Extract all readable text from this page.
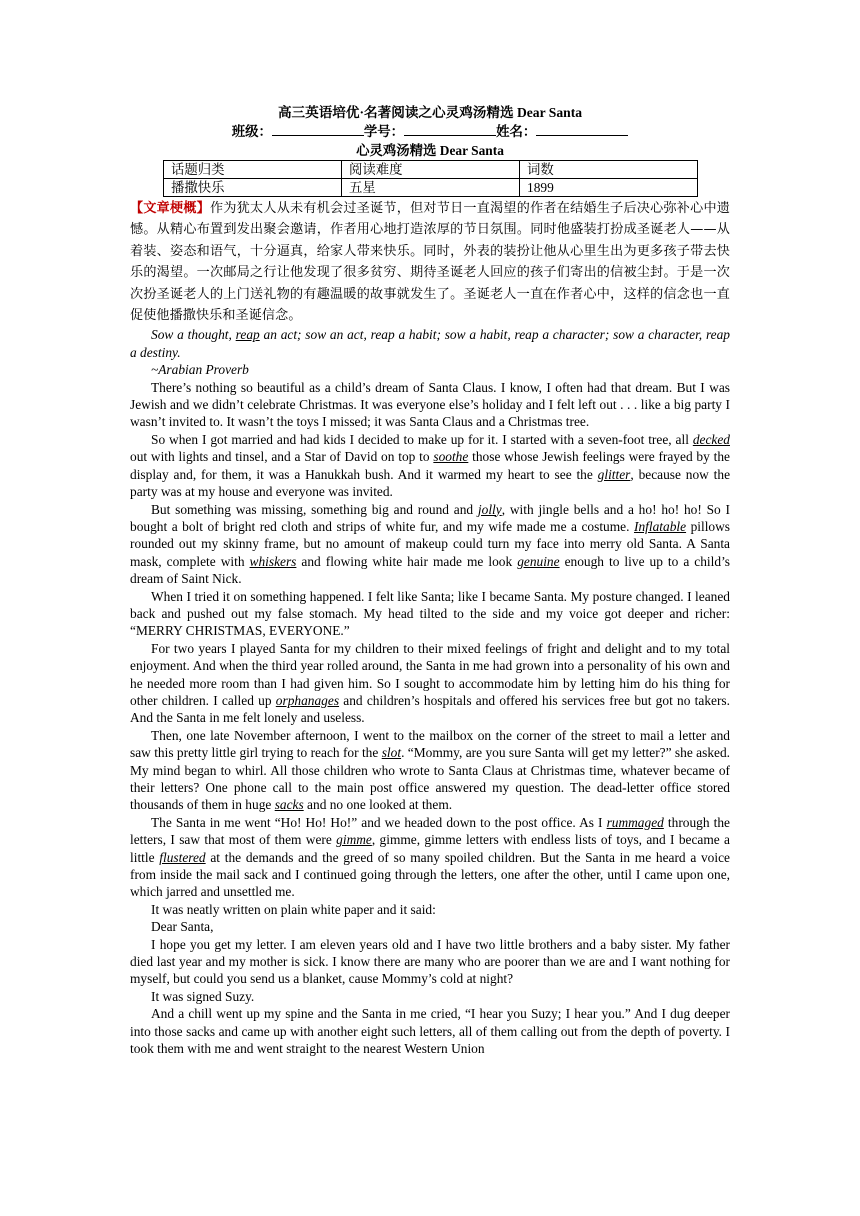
高三英语培优·名著阅读之心灵鸡汤精选 Dear Santa
班级：	学号：	姓名：
心灵鸡汤精选 Dear Santa
话题归类	阅读难度	词数
播撒快乐	五星	1899

【文章梗概】作为犹太人从未有机会过圣诞节，但对节日一直渴望的作者在结婚生子后决心弥补心中遗憾。从精心布置到发出聚会邀请，作者用心地打造浓厚的节日氛围。同时他盛装打扮成圣诞老人——从着装、姿态和语气，十分逼真，给家人带来快乐。同时，外表的装扮让他从心里生出为更多孩子带去快乐的渴望。一次邮局之行让他发现了很多贫穷、期待圣诞老人回应的孩子们寄出的信被尘封。于是一次次扮圣诞老人的上门送礼物的有趣温暖的故事就发生了。圣诞老人一直在作者心中，这样的信念也一直促使他播撒快乐和圣诞信念。

Sow a thought, reap an act; sow an act, reap a habit; sow a habit, reap a character; sow a character, reap a destiny.

~Arabian Proverb

There’s nothing so beautiful as a child’s dream of Santa Claus. I know, I often had that dream. But I was Jewish and we didn’t celebrate Christmas. It was everyone else’s holiday and I felt left out . . . like a big party I wasn’t invited to. It wasn’t the toys I missed; it was Santa Claus and a Christmas tree.

So when I got married and had kids I decided to make up for it. I started with a seven-foot tree, all decked out with lights and tinsel, and a Star of David on top to soothe those whose Jewish feelings were frayed by the display and, for them, it was a Hanukkah bush. And it warmed my heart to see the glitter, because now the party was at my house and everyone was invited.

But something was missing, something big and round and jolly, with jingle bells and a ho! ho! ho! So I bought a bolt of bright red cloth and strips of white fur, and my wife made me a costume. Inflatable pillows rounded out my skinny frame, but no amount of makeup could turn my face into merry old Santa. A Santa mask, complete with whiskers and flowing white hair made me look genuine enough to live up to a child’s dream of Saint Nick.

When I tried it on something happened. I felt like Santa; like I became Santa. My posture changed. I leaned back and pushed out my false stomach. My head tilted to the side and my voice got deeper and richer: “MERRY CHRISTMAS, EVERYONE.”

For two years I played Santa for my children to their mixed feelings of fright and delight and to my total enjoyment. And when the third year rolled around, the Santa in me had grown into a personality of his own and he needed more room than I had given him. So I sought to accommodate him by letting him do his thing for other children. I called up orphanages and children’s hospitals and offered his services free but got no takers. And the Santa in me felt lonely and useless.

Then, one late November afternoon, I went to the mailbox on the corner of the street to mail a letter and saw this pretty little girl trying to reach for the slot. “Mommy, are you sure Santa will get my letter?” she asked. My mind began to whirl. All those children who wrote to Santa Claus at Christmas time, whatever became of their letters? One phone call to the main post office answered my question. The dead-letter office stored thousands of them in huge sacks and no one looked at them.

The Santa in me went “Ho! Ho! Ho!” and we headed down to the post office. As I rummaged through the letters, I saw that most of them were gimme, gimme, gimme letters with endless lists of toys, and I became a little flustered at the demands and the greed of so many spoiled children. But the Santa in me heard a voice from inside the mail sack and I continued going through the letters, one after the other, until I came upon one, which jarred and unsettled me.

It was neatly written on plain white paper and it said:

Dear Santa,

I hope you get my letter. I am eleven years old and I have two little brothers and a baby sister. My father died last year and my mother is sick. I know there are many who are poorer than we are and I want nothing for myself, but could you send us a blanket, cause Mommy’s cold at night?

It was signed Suzy.

And a chill went up my spine and the Santa in me cried, “I hear you Suzy; I hear you.” And I dug deeper into those sacks and came up with another eight such letters, all of them calling out from the depth of poverty. I took them with me and went straight to the nearest Western Union
